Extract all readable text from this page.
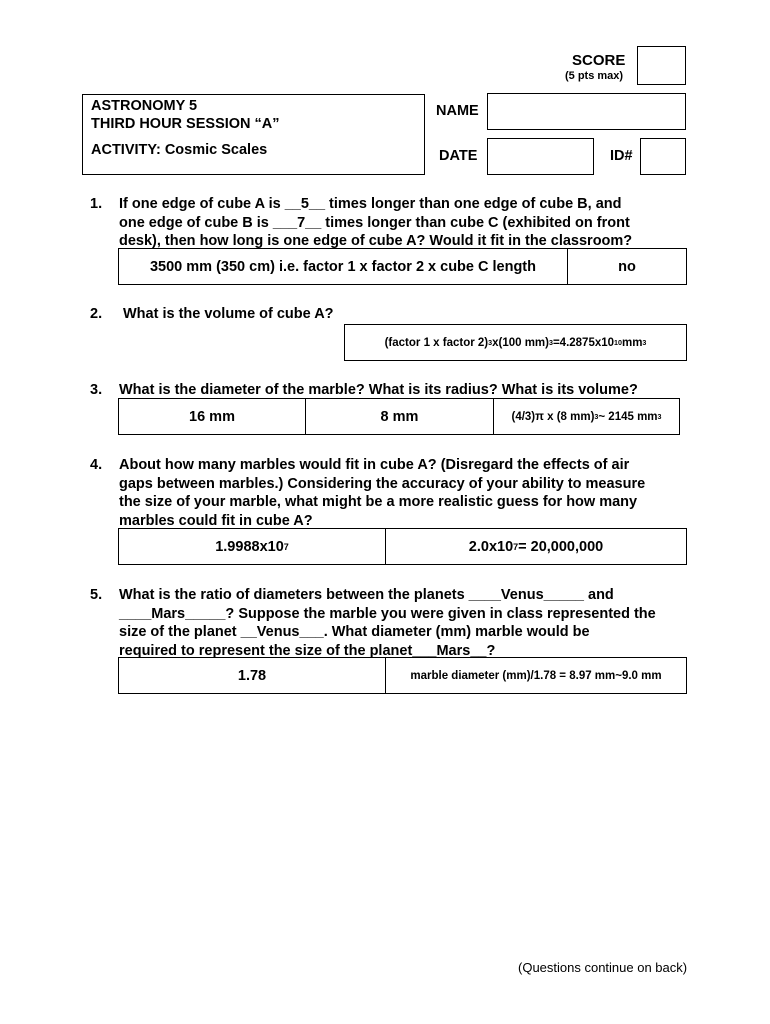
SCORE
(5 pts max)
ASTRONOMY 5
THIRD HOUR SESSION “A”
ACTIVITY: Cosmic Scales
NAME
DATE	ID#
1. If one edge of cube A is __5__ times longer than one edge of cube B, and
one edge of cube B is ___7__ times longer than cube C (exhibited on front
desk), then how long is one edge of cube A? Would it fit in the classroom?
3500 mm (350 cm) i.e. factor 1 x factor 2 x cube C length	no
2. What is the volume of cube A?
(factor 1 x factor 2) 3 x(100 mm) 3 =4.2875x10 10 mm 3
3. What is the diameter of the marble? What is its radius? What is its volume?
16 mm	8 mm	(4/3)π x (8 mm) 3 ~ 2145 mm 3
4. About how many marbles would fit in cube A? (Disregard the effects of air
gaps between marbles.) Considering the accuracy of your ability to measure
the size of your marble, what might be a more realistic guess for how many
marbles could fit in cube A?
1.9988x10 7	2.0x10 7 = 20,000,000
5. What is the ratio of diameters between the planets ____Venus_____ and
____Mars_____? Suppose the marble you were given in class represented the
size of the planet __Venus___. What diameter (mm) marble would be
required to represent the size of the planet___Mars__?
1.78	marble diameter (mm)/1.78 = 8.97 mm~9.0 mm
(Questions continue on back)
